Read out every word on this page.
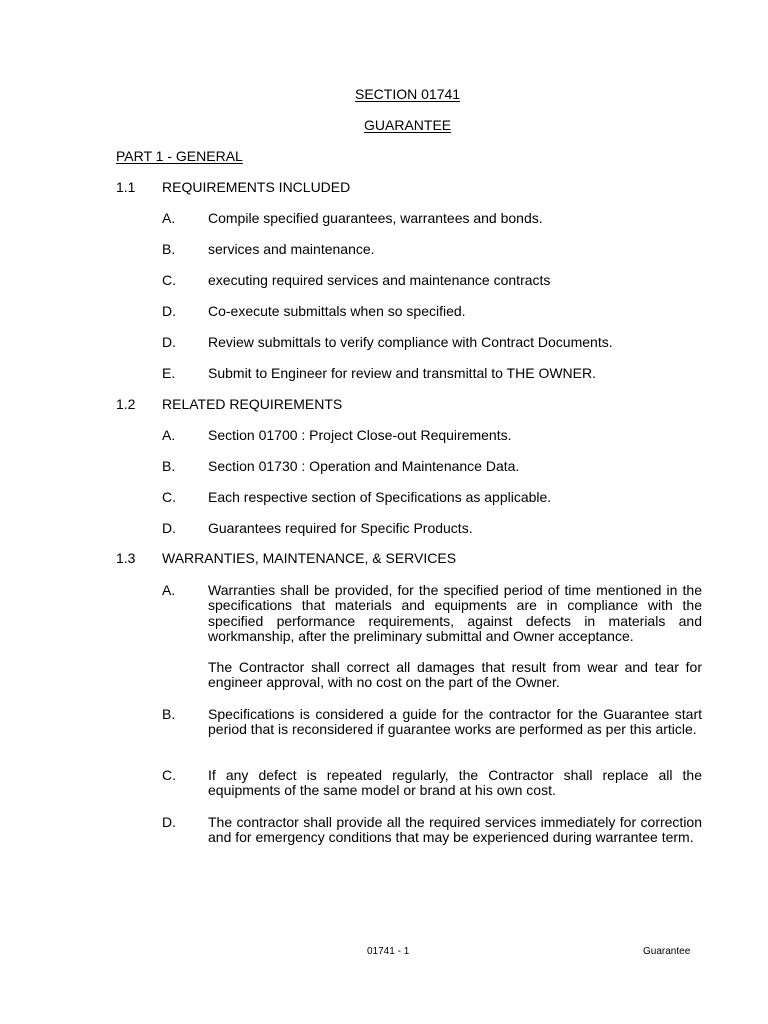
SECTION 01741
GUARANTEE
PART 1 - GENERAL
1.1 REQUIREMENTS INCLUDED
A. Compile specified guarantees, warrantees and bonds.
B. services and maintenance.
C. executing required services and maintenance contracts
D. Co-execute submittals when so specified.
D. Review submittals to verify compliance with Contract Documents.
E. Submit to Engineer for review and transmittal to THE OWNER.
1.2 RELATED REQUIREMENTS
A. Section 01700 : Project Close-out Requirements.
B. Section 01730 : Operation and Maintenance Data.
C. Each respective section of Specifications as applicable.
D. Guarantees required for Specific Products.
1.3 WARRANTIES, MAINTENANCE, & SERVICES
A. Warranties shall be provided, for the specified period of time mentioned in the specifications that materials and equipments are in compliance with the specified performance requirements, against defects in materials and workmanship, after the preliminary submittal and Owner acceptance.
The Contractor shall correct all damages that result from wear and tear for engineer approval, with no cost on the part of the Owner.
B. Specifications is considered a guide for the contractor for the Guarantee start period that is reconsidered if guarantee works are performed as per this article.
C. If any defect is repeated regularly, the Contractor shall replace all the equipments of the same model or brand at his own cost.
D. The contractor shall provide all the required services immediately for correction and for emergency conditions that may be experienced during warrantee term.
01741 - 1	Guarantee
